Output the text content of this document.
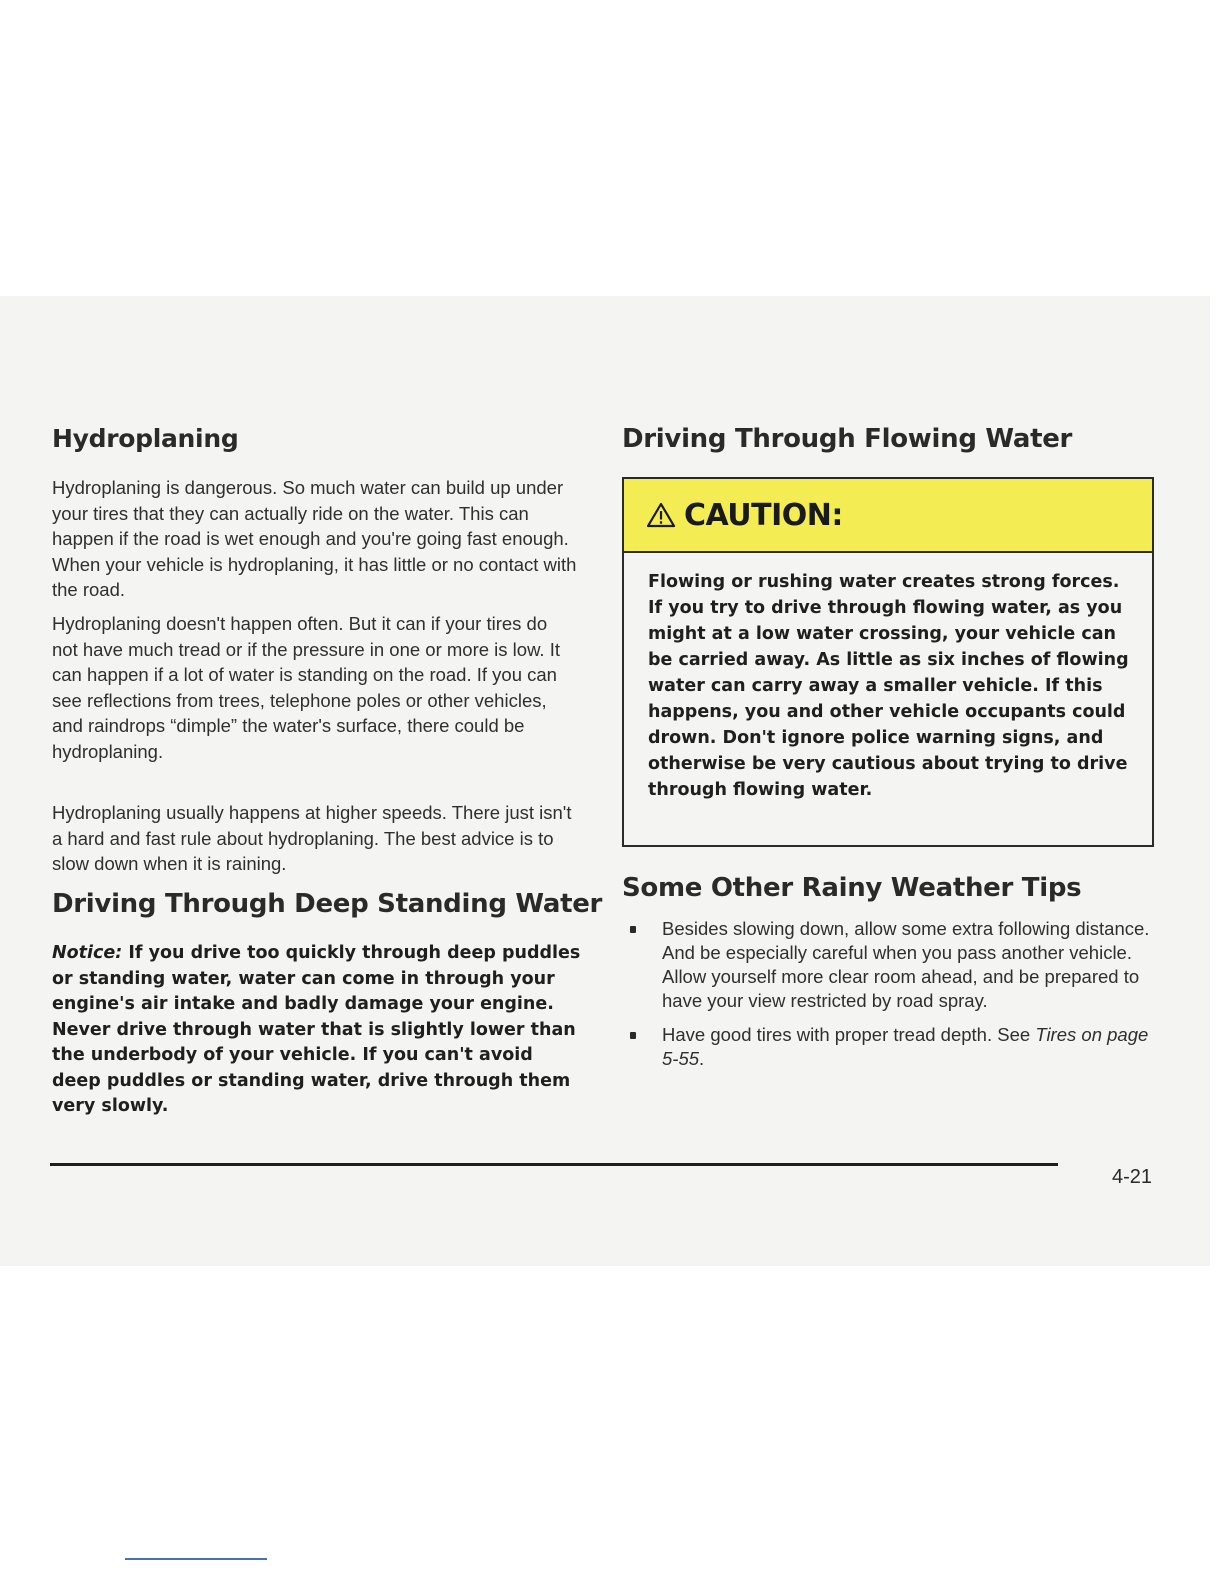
Hydroplaning

Hydroplaning is dangerous. So much water can build up under your tires that they can actually ride on the water. This can happen if the road is wet enough and you're going fast enough. When your vehicle is hydroplaning, it has little or no contact with the road.

Hydroplaning doesn't happen often. But it can if your tires do not have much tread or if the pressure in one or more is low. It can happen if a lot of water is standing on the road. If you can see reflections from trees, telephone poles or other vehicles, and raindrops “dimple” the water's surface, there could be hydroplaning.

Hydroplaning usually happens at higher speeds. There just isn't a hard and fast rule about hydroplaning. The best advice is to slow down when it is raining.

Driving Through Deep Standing Water

Notice: If you drive too quickly through deep puddles or standing water, water can come in through your engine's air intake and badly damage your engine. Never drive through water that is slightly lower than the underbody of your vehicle. If you can't avoid deep puddles or standing water, drive through them very slowly.

Driving Through Flowing Water
CAUTION:

Flowing or rushing water creates strong forces. If you try to drive through flowing water, as you might at a low water crossing, your vehicle can be carried away. As little as six inches of flowing water can carry away a smaller vehicle. If this happens, you and other vehicle occupants could drown. Don't ignore police warning signs, and otherwise be very cautious about trying to drive through flowing water.

Some Other Rainy Weather Tips
Besides slowing down, allow some extra following distance. And be especially careful when you pass another vehicle. Allow yourself more clear room ahead, and be prepared to have your view restricted by road spray.
Have good tires with proper tread depth. See Tires on page 5-55.

4-21
